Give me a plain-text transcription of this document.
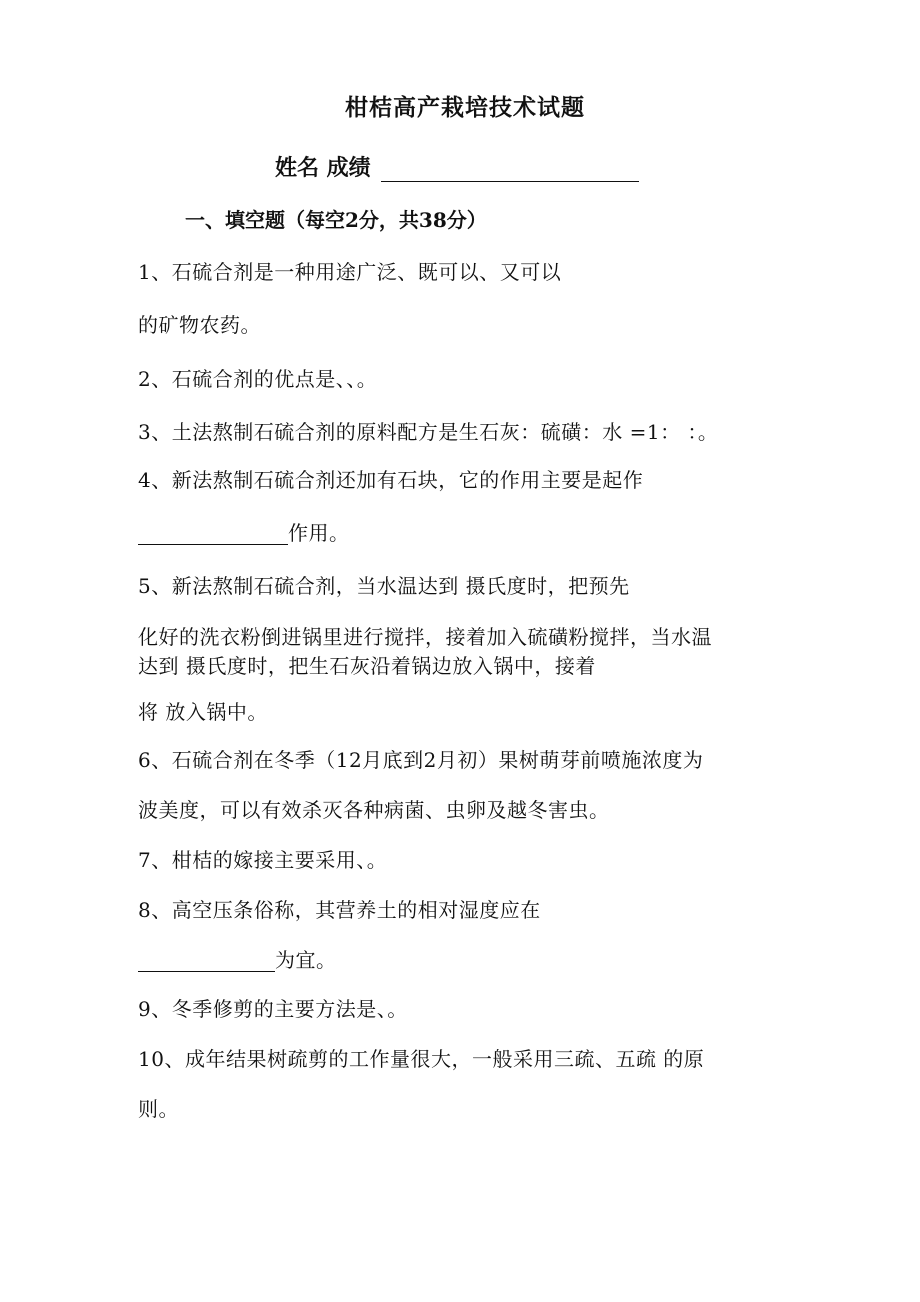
柑桔高产栽培技术试题
姓名 成绩
一、填空题（每空2分，共38分）
1、石硫合剂是一种用途广泛、既可以、又可以
的矿物农药。
2、石硫合剂的优点是、、。
3、土法熬制石硫合剂的原料配方是生石灰：硫磺：水 =1： ：。
4、新法熬制石硫合剂还加有石块，它的作用主要是起作
作用。
5、新法熬制石硫合剂，当水温达到 摄氏度时，把预先
化好的洗衣粉倒进锅里进行搅拌，接着加入硫磺粉搅拌，当水温
达到 摄氏度时，把生石灰沿着锅边放入锅中，接着
将 放入锅中。
6、石硫合剂在冬季（12月底到2月初）果树萌芽前喷施浓度为
波美度，可以有效杀灭各种病菌、虫卵及越冬害虫。
7、柑桔的嫁接主要采用、。
8、高空压条俗称，其营养土的相对湿度应在
为宜。
9、冬季修剪的主要方法是、。
10、成年结果树疏剪的工作量很大，一般采用三疏、五疏 的原
则。
